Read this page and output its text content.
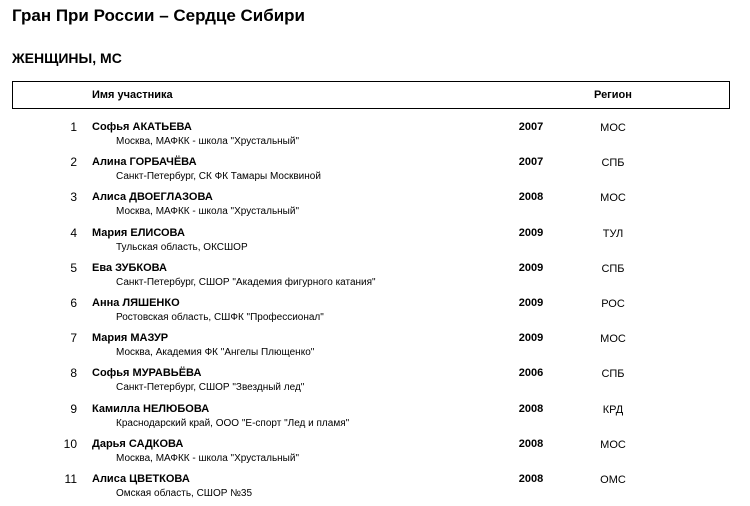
Гран При России – Сердце Сибири
ЖЕНЩИНЫ, МС
Имя участника	Регион
1 Софья АКАТЬЕВА
Москва, МАФКК - школа "Хрустальный"
2007	МОС
2 Алина ГОРБАЧЁВА
Санкт-Петербург, СК ФК Тамары Москвиной
2007	СПБ
3 Алиса ДВОЕГЛАЗОВА
Москва, МАФКК - школа "Хрустальный"
2008	МОС
4 Мария ЕЛИСОВА
Тульская область, ОКСШОР
2009	ТУЛ
5 Ева ЗУБКОВА
Санкт-Петербург, СШОР "Академия фигурного катания"
2009	СПБ
6 Анна ЛЯШЕНКО
Ростовская область, СШФК "Профессионал"
2009	РОС
7 Мария МАЗУР
Москва, Академия ФК "Ангелы Плющенко"
2009	МОС
8 Софья МУРАВЬЁВА
Санкт-Петербург, СШОР "Звездный лед"
2006	СПБ
9 Камилла НЕЛЮБОВА
Краснодарский край, ООО "Е-спорт "Лед и пламя"
2008	КРД
10 Дарья САДКОВА
Москва, МАФКК - школа "Хрустальный"
2008	МОС
11 Алиса ЦВЕТКОВА
Омская область, СШОР №35
2008	ОМС
